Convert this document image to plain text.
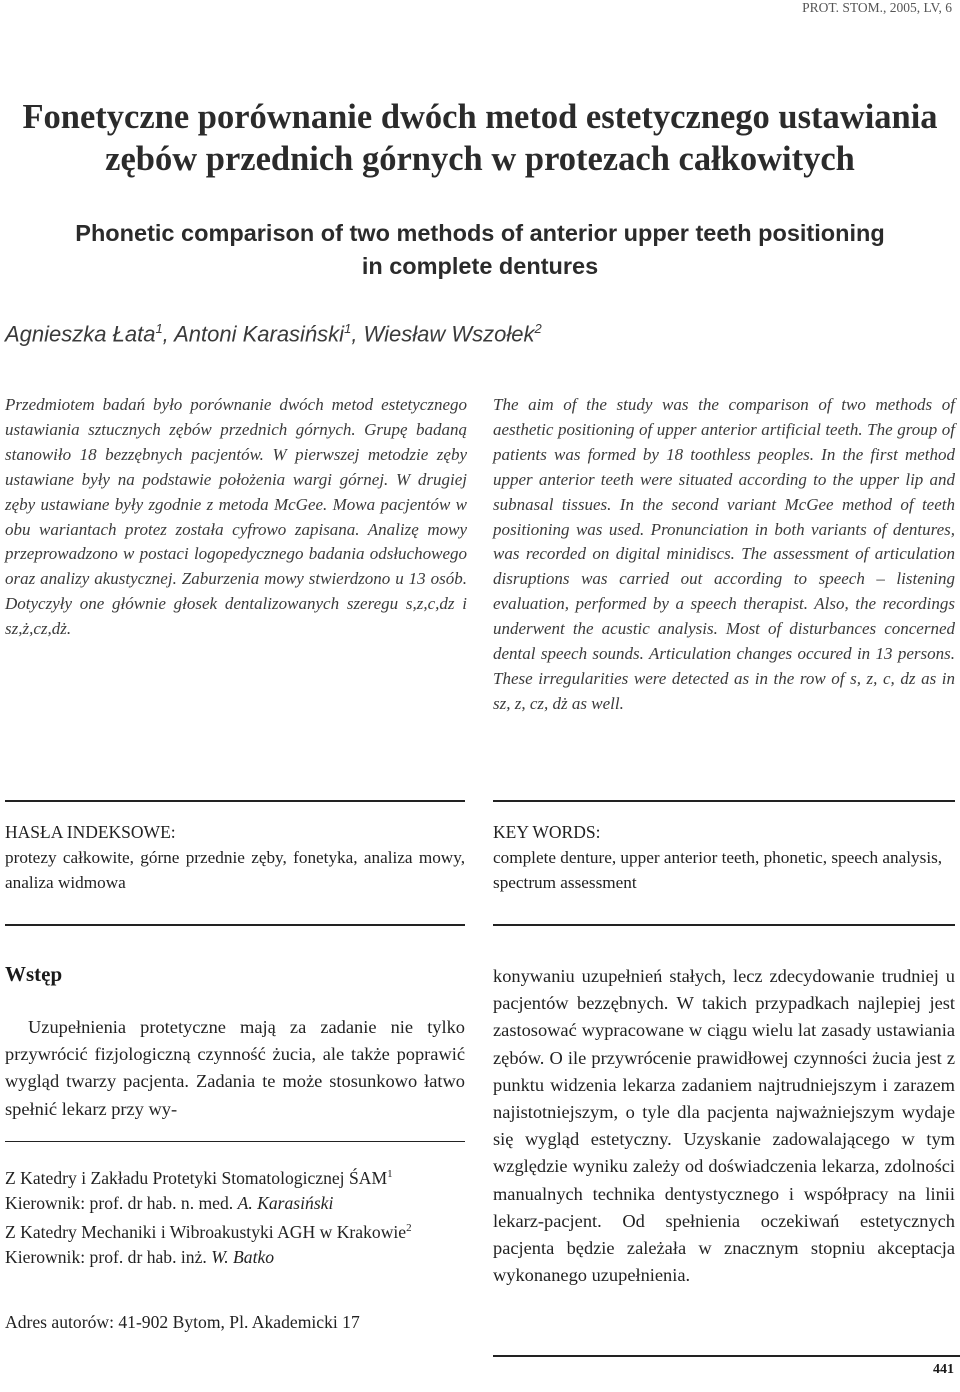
PROT. STOM., 2005, LV, 6
Fonetyczne porównanie dwóch metod estetycznego ustawiania
zębów przednich górnych w protezach całkowitych
Phonetic comparison of two methods of anterior upper teeth positioning
in complete dentures
Agnieszka Łata$^1$, Antoni Karasiński$^1$, Wiesław Wszołek$^2$
Przedmiotem badań było porównanie dwóch metod estetycznego ustawiania sztucznych zębów przednich górnych. Grupę badaną stanowiło 18 bezzębnych pacjentów. W pierwszej metodzie zęby ustawiane były na podstawie położenia wargi górnej. W drugiej zęby ustawiane były zgodnie z metoda McGee. Mowa pacjentów w obu wariantach protez została cyfrowo zapisana. Analizę mowy przeprowadzono w postaci logopedycznego badania odsłuchowego oraz analizy akustycznej. Zaburzenia mowy stwierdzono u 13 osób. Dotyczyły one głównie głosek dentalizowanych szeregu s,z,c,dz i sz,ż,cz,dż.
The aim of the study was the comparison of two methods of aesthetic positioning of upper anterior artificial teeth. The group of patients was formed by 18 toothless peoples. In the first method upper anterior teeth were situated according to the upper lip and subnasal tissues. In the second variant McGee method of teeth positioning was used. Pronunciation in both variants of dentures, was recorded on digital minidiscs. The assessment of articulation disruptions was carried out according to speech – listening evaluation, performed by a speech therapist. Also, the recordings underwent the acustic analysis. Most of disturbances concerned dental speech sounds. Articulation changes occured in 13 persons. These irregularities were detected as in the row of s, z, c, dz as in sz, z, cz, dż as well.
HASŁA INDEKSOWE:
protezy całkowite, górne przednie zęby, fonetyka, analiza mowy, analiza widmowa
KEY WORDS:
complete denture, upper anterior teeth, phonetic, speech analysis, spectrum assessment
Wstęp
Uzupełnienia protetyczne mają za zadanie nie tylko przywrócić fizjologiczną czynność żucia, ale także poprawić wygląd twarzy pacjenta. Zadania te może stosunkowo łatwo spełnić lekarz przy wy-

Z Katedry i Zakładu Protetyki Stomatologicznej ŚAM$^1$

Kierownik: prof. dr hab. n. med. A. Karasiński

Z Katedry Mechaniki i Wibroakustyki AGH w Krakowie$^2$

Kierownik: prof. dr hab. inż. W. Batko

Adres autorów: 41-902 Bytom, Pl. Akademicki 17
konywaniu uzupełnień stałych, lecz zdecydowanie trudniej u pacjentów bezzębnych. W takich przypadkach najlepiej jest zastosować wypracowane w ciągu wielu lat zasady ustawiania zębów. O ile przywrócenie prawidłowej czynności żucia jest z punktu widzenia lekarza zadaniem najtrudniejszym i zarazem najistotniejszym, o tyle dla pacjenta najważniejszym wydaje się wygląd estetyczny. Uzyskanie zadowalającego w tym względzie wyniku zależy od doświadczenia lekarza, zdolności manualnych technika dentystycznego i współpracy na linii lekarz-pacjent. Od spełnienia oczekiwań estetycznych pacjenta będzie zależała w znacznym stopniu akceptacja wykonanego uzupełnienia.
441
